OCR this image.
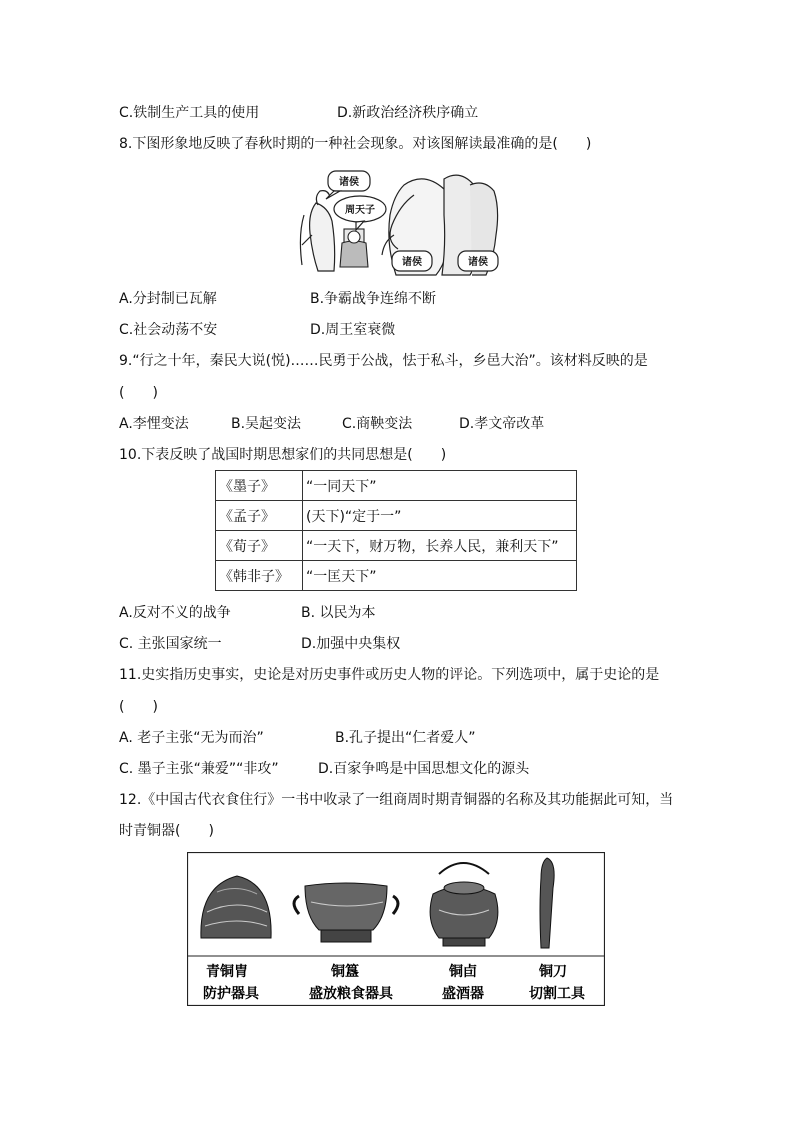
C.铁制生产工具的使用	D.新政治经济秩序确立
8.下图形象地反映了春秋时期的一种社会现象。对该图解读最准确的是(　　)
诸侯
周天子
诸侯	诸侯
A.分封制已瓦解	B.争霸战争连绵不断
C.社会动荡不安	D.周王室衰微
9.“行之十年，秦民大说(悦)……民勇于公战，怯于私斗，乡邑大治”。该材料反映的是
(　　)
A.李悝变法	B.吴起变法	C.商鞅变法	D.孝文帝改革
10.下表反映了战国时期思想家们的共同思想是(　　)
《墨子》	“一同天下”
《孟子》	(天下)“定于一”
《荀子》	“一天下，财万物，长养人民，兼利天下”
《韩非子》	“一匡天下”
A.反对不义的战争	B. 以民为本
C. 主张国家统一	D.加强中央集权
11.史实指历史事实，史论是对历史事件或历史人物的评论。下列选项中，属于史论的是
(　　)
A. 老子主张“无为而治”	B.孔子提出“仁者爱人”
C. 墨子主张“兼爱”“非攻”	D.百家争鸣是中国思想文化的源头
12.《中国古代衣食住行》一书中收录了一组商周时期青铜器的名称及其功能据此可知，当
时青铜器(　　)
青铜胄
防护器具
铜簋
盛放粮食器具
铜卣
盛酒器
铜刀
切割工具
